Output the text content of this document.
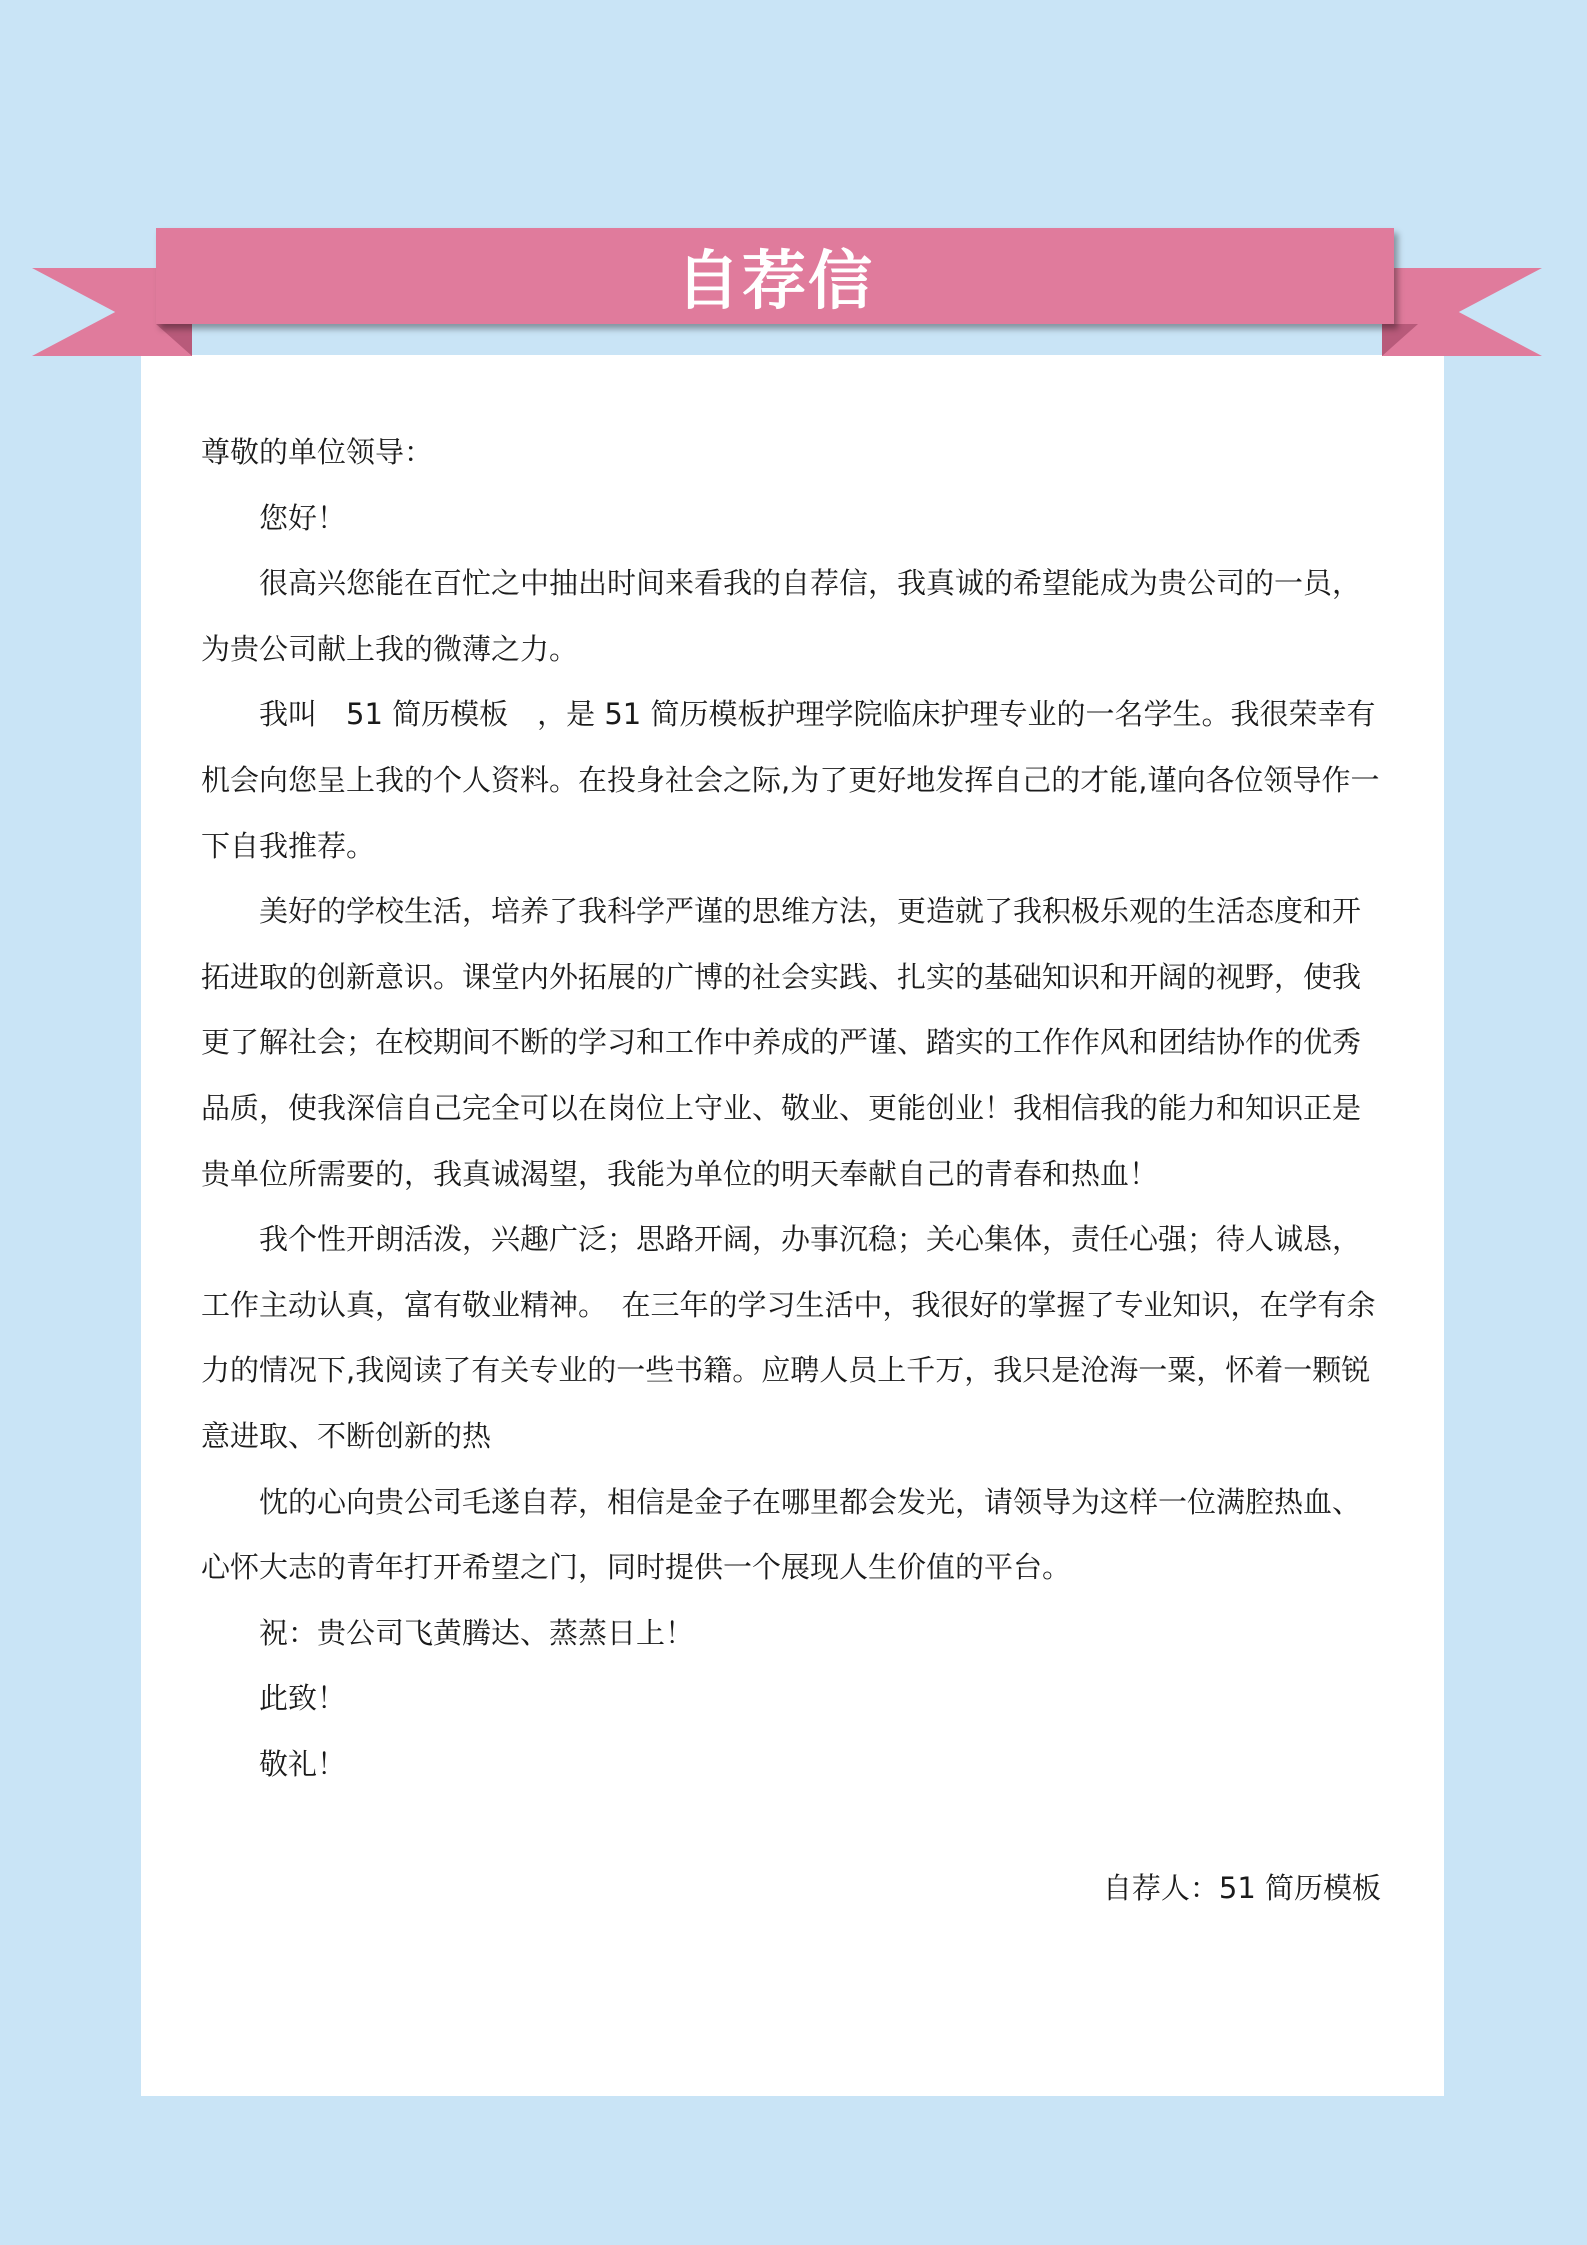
自荐信

尊敬的单位领导：

您好！

很高兴您能在百忙之中抽出时间来看我的自荐信，我真诚的希望能成为贵公司的一员，为贵公司献上我的微薄之力。

我叫　51 简历模板　，是 51 简历模板护理学院临床护理专业的一名学生。我很荣幸有机会向您呈上我的个人资料。在投身社会之际,为了更好地发挥自己的才能,谨向各位领导作一下自我推荐。

美好的学校生活，培养了我科学严谨的思维方法，更造就了我积极乐观的生活态度和开拓进取的创新意识。课堂内外拓展的广博的社会实践、扎实的基础知识和开阔的视野，使我更了解社会；在校期间不断的学习和工作中养成的严谨、踏实的工作作风和团结协作的优秀品质，使我深信自己完全可以在岗位上守业、敬业、更能创业！我相信我的能力和知识正是贵单位所需要的，我真诚渴望，我能为单位的明天奉献自己的青春和热血！

我个性开朗活泼，兴趣广泛；思路开阔，办事沉稳；关心集体，责任心强；待人诚恳，工作主动认真，富有敬业精神。　在三年的学习生活中，我很好的掌握了专业知识，在学有余力的情况下,我阅读了有关专业的一些书籍。应聘人员上千万，我只是沧海一粟，怀着一颗锐意进取、不断创新的热

忱的心向贵公司毛遂自荐，相信是金子在哪里都会发光，请领导为这样一位满腔热血、心怀大志的青年打开希望之门，同时提供一个展现人生价值的平台。

祝：贵公司飞黄腾达、蒸蒸日上！

此致！

敬礼！

自荐人：51 简历模板
